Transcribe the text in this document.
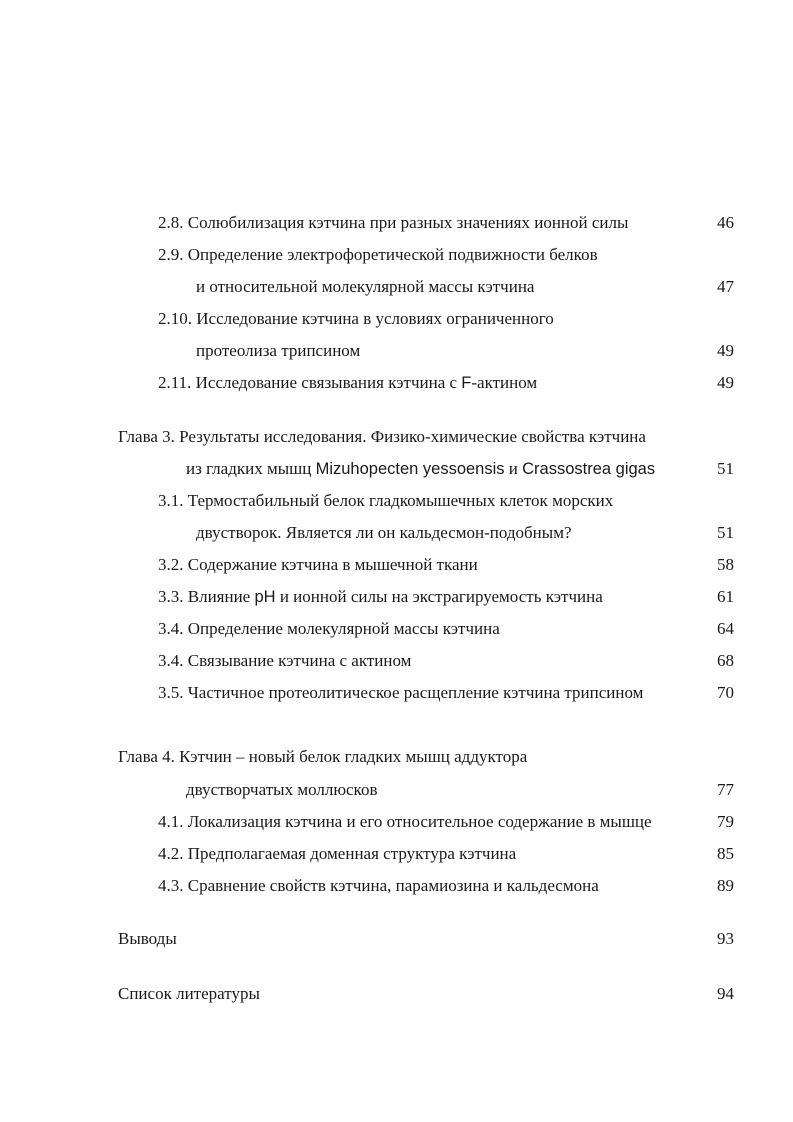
2.8. Солюбилизация кэтчина при разных значениях ионной силы	46
2.9. Определение электрофоретической подвижности белков
и относительной молекулярной массы кэтчина	47
2.10. Исследование кэтчина в условиях ограниченного
протеолиза трипсином	49
2.11. Исследование связывания кэтчина с F-актином	49
Глава 3. Результаты исследования. Физико-химические свойства кэтчина
из гладких мышц Mizuhopecten yessoensis и Crassostrea gigas	51
3.1. Термостабильный белок гладкомышечных клеток морских
двустворок. Является ли он кальдесмон-подобным?	51
3.2. Содержание кэтчина в мышечной ткани	58
3.3. Влияние pH и ионной силы на экстрагируемость кэтчина	61
3.4. Определение молекулярной массы кэтчина	64
3.4. Связывание кэтчина с актином	68
3.5. Частичное протеолитическое расщепление кэтчина трипсином	70
Глава 4. Кэтчин – новый белок гладких мышц аддуктора
двустворчатых моллюсков	77
4.1. Локализация кэтчина и его относительное содержание в мышце	79
4.2. Предполагаемая доменная структура кэтчина	85
4.3. Сравнение свойств кэтчина, парамиозина и кальдесмона	89
Выводы	93
Список литературы	94
